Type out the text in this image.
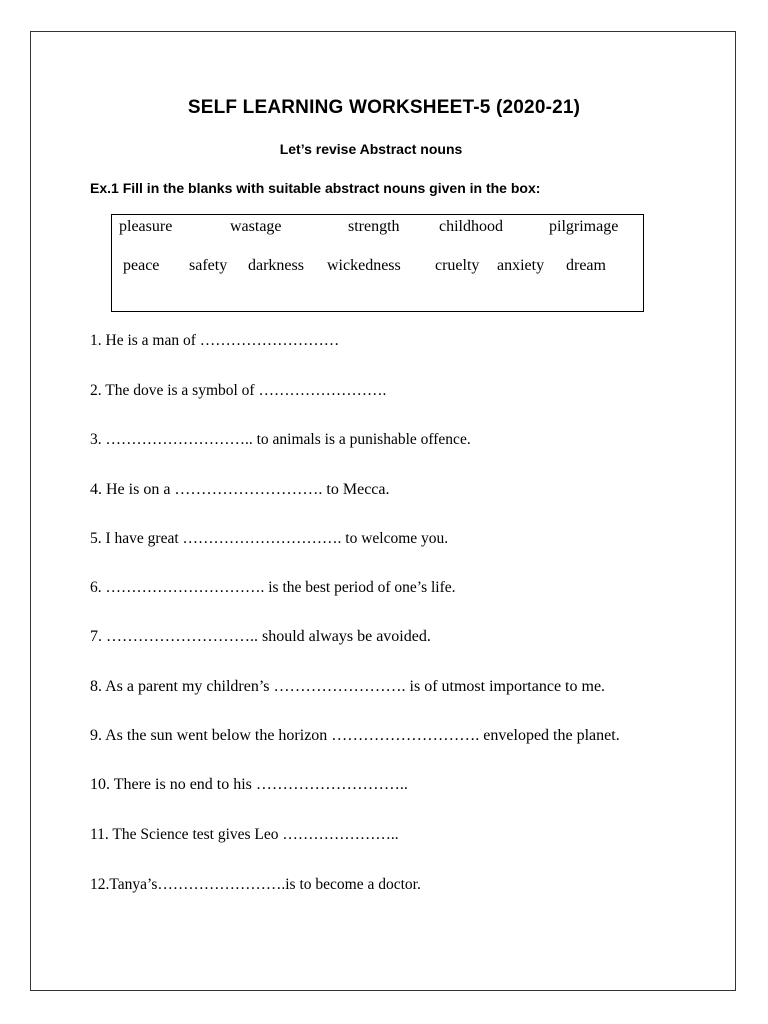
SELF LEARNING WORKSHEET-5 (2020-21)
Let’s revise Abstract nouns
Ex.1 Fill in the blanks with suitable abstract nouns given in the box:
pleasure	wastage	strength childhood	pilgrimage
peace safety darkness wickedness cruelty anxiety dream
1. He is a man of ………………………
2. The dove is a symbol of …………………….
3. ……………………….. to animals is a punishable offence.
4. He is on a ………………………. to Mecca.
5. I have great …………………………. to welcome you.
6. …………………………. is the best period of one’s life.
7. ……………………….. should always be avoided.
8. As a parent my children’s ……………………. is of utmost importance to me.
9. As the sun went below the horizon ………………………. enveloped the planet.
10. There is no end to his ………………………..
11. The Science test gives Leo …………………..
12.Tanya’s…………………….is to become a doctor.
